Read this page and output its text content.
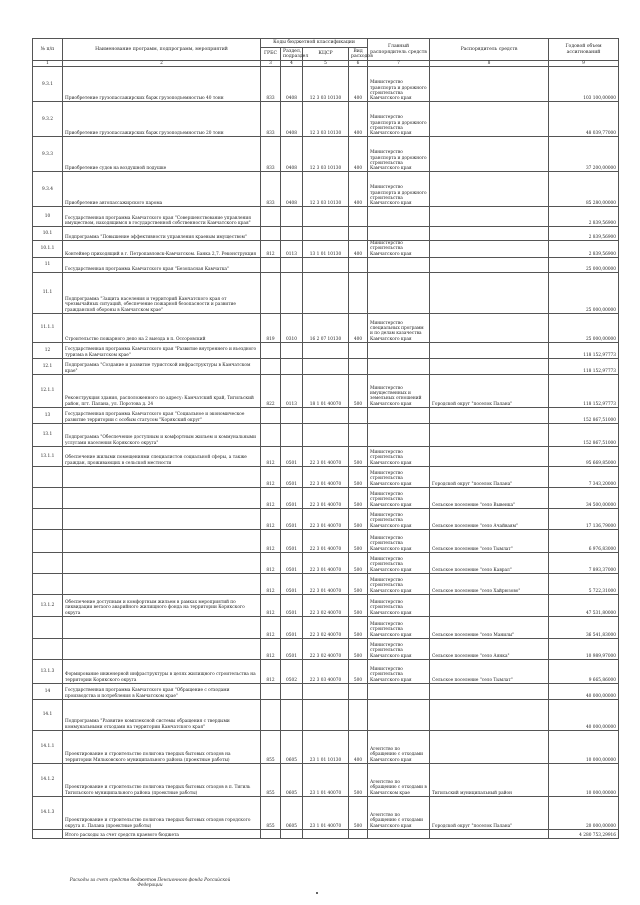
№ п/п	Наименование программ, подпрограмм, мероприятий	Коды бюджетной классификации				Главный распорядитель средств	Распорядитель средств	Годовой объем ассигнований
		ГРБС	Раздел, подраздел	КЦСР	Вид расходов			
1	2	3	4	5	6	7	8	9
9.3.1	Приобретение грузопассажирских барж грузоподъемностью 40 тонн	833	0408	12 3 03 10130	400	Министерство транспорта и дорожного строительства Камчатского края		103 100,00000
9.3.2	Приобретение грузопассажирских барж грузоподъемностью 20 тонн	833	0408	12 3 03 10130	400	Министерство транспорта и дорожного строительства Камчатского края		48 039,77000
9.3.3	Приобретение судов на воздушной подушке	833	0408	12 3 03 10130	400	Министерство транспорта и дорожного строительства Камчатского края		37 200,00000
9.3.4	Приобретение автопассажирского парома	833	0408	12 3 03 10130	400	Министерство транспорта и дорожного строительства Камчатского края		85 280,00000
10	Государственная программа Камчатского края "Совершенствование управления имуществом, находящимся в государственной собственности Камчатского края"							2 839,56900
10.1	Подпрограмма "Повышение эффективности управления краевым имуществом"							2 839,56900
10.1.1	Контейнер приходящий в г. Петропавловск-Камчатском. Банка 2,7. Реконструкция	812	0113	13 1 01 10130	400	Министерство строительства Камчатского края		2 839,56900
11	Государственная программа Камчатского края "Безопасная Камчатка"							25 000,00000
11.1	Подпрограмма "Защита населения и территорий Камчатского края от чрезвычайных ситуаций, обеспечение пожарной безопасности и развитие гражданской обороны в Камчатском крае"							25 000,00000
11.1.1	Строительство пожарного депо на 2 выезда в п. Оссоровский	819	0310	16 2 07 10130	400	Министерство специальных программ и по делам казачества Камчатского края		25 000,00000
12	Государственная программа Камчатского края "Развитие внутреннего и въездного туризма в Камчатском крае"							118 152,97773
12.1	Подпрограмма "Создание и развитие туристской инфраструктуры в Камчатском крае"							118 152,97773
12.1.1	Реконструкция здания, расположенного по адресу: Камчатский край, Тигильский район, пгт. Палана, ул. Поротова д. 24	822	0113	18 1 01 40070	500	Министерство имущественных и земельных отношений Камчатского края	Городской округ "поселок Палана"	118 152,97773
13	Государственная программа Камчатского края "Социальное и экономическое развитие территории с особым статусом "Корякский округ"							152 867,51000
13.1	Подпрограмма "Обеспечение доступным и комфортным жильем и коммунальными услугами населения Корякского округа"							152 867,51000
13.1.1	Обеспечение жилыми помещениями специалистов социальной сферы, а также граждан, проживающих в сельской местности	812	0501	22 3 01 40070	500	Министерство строительства Камчатского края		95 669,85000
		812	0501	22 3 01 40070	500	Министерство строительства Камчатского края	Городской округ "поселок Палана"	7 343,20000
		812	0501	22 3 01 40070	500	Министерство строительства Камчатского края	Сельское поселение "село Вывенка"	34 500,00000
		812	0501	22 3 01 40070	500	Министерство строительства Камчатского края	Сельское поселение "село Ачайваям"	17 136,79000
		812	0501	22 3 01 40070	500	Министерство строительства Камчатского края	Сельское поселение "село Тымлат"	6 976,83000
		812	0501	22 3 01 40070	500	Министерство строительства Камчатского края	Сельское поселение "село Каврал"	7 893,37000
		812	0501	22 3 01 40070	500	Министерство строительства Камчатского края	Сельское поселение "село Хайрюзово"	5 722,31000
13.1.2	Обеспечение доступным и комфортным жильем в рамках мероприятий по ликвидации ветхого аварийного жилищного фонда на территории Корякского округа	812	0501	22 3 02 40070	500	Министерство строительства Камчатского края		47 531,80000
		812	0501	22 3 02 40070	500	Министерство строительства Камчатского края	Сельское поселение "село Манилы"	36 541,83000
		812	0501	22 3 02 40070	500	Министерство строительства Камчатского края	Сельское поселение "село Аянка"	10 989,97000
13.1.3	Формирование инженерной инфраструктуры в целях жилищного строительства на территории Корякского округа	812	0502	22 3 03 40070	500	Министерство строительства Камчатского края	Сельское поселение "село Тымлат"	9 665,86000
14	Государственная программа Камчатского края "Обращение с отходами производства и потребления в Камчатском крае"							40 000,00000
14.1	Подпрограмма "Развитие комплексной системы обращения с твердыми коммунальными отходами на территории Камчатского края"							40 000,00000
14.1.1	Проектирование и строительство полигона твердых бытовых отходов на территории Мильковского муниципального района (проектные работы)	855	0605	23 1 01 10130	400	Агентство по обращению с отходами Камчатского края		10 000,00000
14.1.2	Проектирование и строительство полигона твердых бытовых отходов в п. Тигиль Тигильского муниципального района (проектные работы)	855	0605	23 1 01 40070	500	Агентство по обращению с отходами в Камчатском крае	Тигильский муниципальный район	10 000,00000
14.1.3	Проектирование и строительство полигона твердых бытовых отходов городского округа п. Палана (проектные работы)	855	0605	23 1 01 40070	500	Агентство по обращению с отходами Камчатского края	Городской округ "поселок Палана"	20 000,00000
	Итого расходы за счет средств краевого бюджета							4 280 753,29916
Расходы за счет средств бюджетов Пенсионного фонда Российской Федерации
